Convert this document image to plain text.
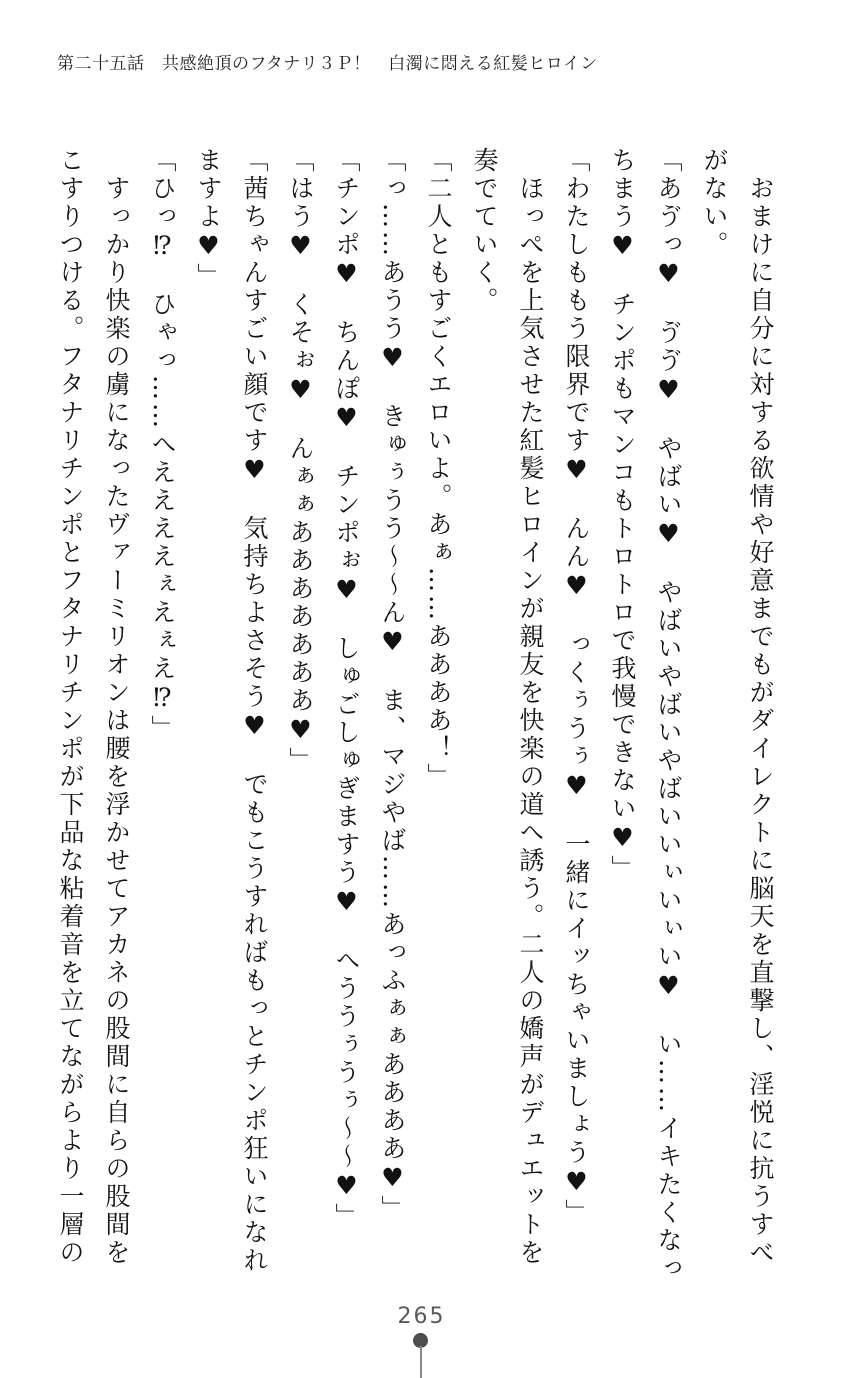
第二十五話　共感絶頂のフタナリ３Ｐ！　白濁に悶える紅髪ヒロイン

おまけに自分に対する欲情や好意までもがダイレクトに脳天を直撃し、淫悦に抗うすべ

がない。

「あゔっ♥　ゔゔ♥　やばい♥　やばいやばいやばいいぃいぃい♥　い……イキたくなっ

ちまう♥　チンポもマンコもトロトロで我慢できない♥」

「わたしももう限界です♥　んん♥　っくぅうぅ♥　一緒にイッちゃいましょう♥」

ほっぺを上気させた紅髪ヒロインが親友を快楽の道へ誘う。二人の嬌声がデュエットを

奏でていく。

「二人ともすごくエロいよ。あぁ……ああああ！」

「っ……あうう♥　きゅぅうう～～ん♥　ま、マジやば……あっふぁぁああああ♥」

「チンポ♥　ちんぽ♥　チンポぉ♥　しゅごしゅぎますう♥　へううぅうぅ～～♥」

「はう♥　くそぉ♥　んぁぁあああああああ♥」

「茜ちゃんすごい顔です♥　気持ちよさそう♥　でもこうすればもっとチンポ狂いになれ

ますよ♥」

「ひっ⁉　ひゃっ……へええええぇえぇえ⁉」

すっかり快楽の虜になったヴァーミリオンは腰を浮かせてアカネの股間に自らの股間を

こすりつける。フタナリチンポとフタナリチンポが下品な粘着音を立てながらより一層の

265
